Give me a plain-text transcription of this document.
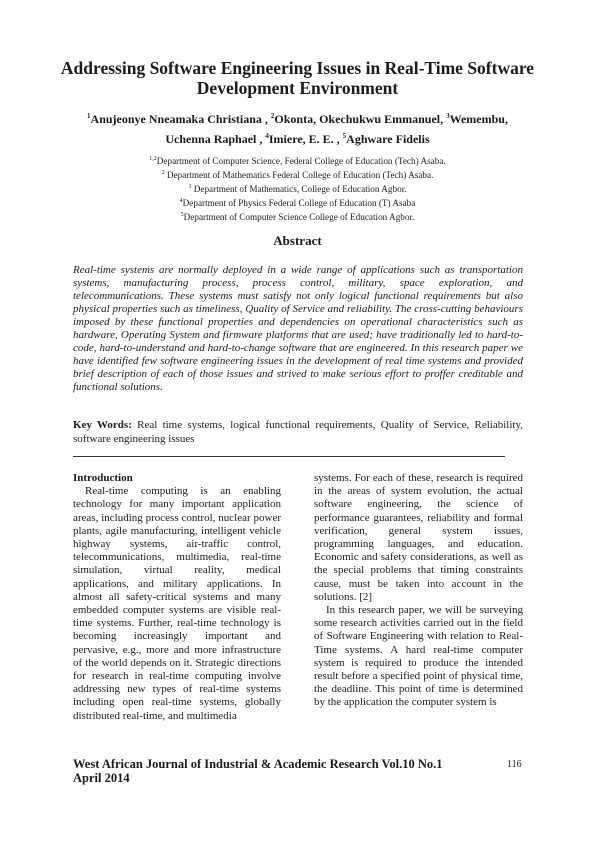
Addressing Software Engineering Issues in Real-Time Software Development Environment
$^1$Anujeonye Nneamaka Christiana , $^2$Okonta, Okechukwu Emmanuel, $^3$Wemembu, Uchenna Raphael , $^4$Imiere, E. E. , $^5$Aghware Fidelis
$^{1,2}$Department of Computer Science, Federal College of Education (Tech) Asaba.
$^2$ Department of Mathematics Federal College of Education (Tech) Asaba.
$^3$ Department of Mathematics, College of Education Agbor.
$^4$Department of Physics Federal College of Education (T) Asaba
$^5$Department of Computer Science College of Education Agbor.
Abstract

Real-time systems are normally deployed in a wide range of applications such as transportation systems, manufacturing process, process control, military, space exploration, and telecommunications. These systems must satisfy not only logical functional requirements but also physical properties such as timeliness, Quality of Service and reliability. The cross-cutting behaviours imposed by these functional properties and dependencies on operational characteristics such as hardware, Operating System and firmware platforms that are used; have traditionally led to hard-to-code, hard-to-understand and hard-to-change software that are engineered. In this research paper we have identified few software engineering issues in the development of real time systems and provided brief description of each of those issues and strived to make serious effort to proffer creditable and functional solutions.

Key Words: Real time systems, logical functional requirements, Quality of Service, Reliability, software engineering issues

Introduction

Real-time computing is an enabling technology for many important application areas, including process control, nuclear power plants, agile manufacturing, intelligent vehicle highway systems, air-traffic control, telecommunications, multimedia, real-time simulation, virtual reality, medical applications, and military applications. In almost all safety-critical systems and many embedded computer systems are visible real-time systems. Further, real-time technology is becoming increasingly important and pervasive, e.g., more and more infrastructure of the world depends on it. Strategic directions for research in real-time computing involve addressing new types of real-time systems including open real-time systems, globally distributed real-time, and multimedia

systems. For each of these, research is required in the areas of system evolution, the actual software engineering, the science of performance guarantees, reliability and formal verification, general system issues, programming languages, and education. Economic and safety considerations, as well as the special problems that timing constraints cause, must be taken into account in the solutions. [2]

In this research paper, we will be surveying some research activities carried out in the field of Software Engineering with relation to Real-Time systems. A hard real-time computer system is required to produce the intended result before a specified point of physical time, the deadline. This point of time is determined by the application the computer system is

West African Journal of Industrial & Academic Research Vol.10 No.1
April 2014
116
